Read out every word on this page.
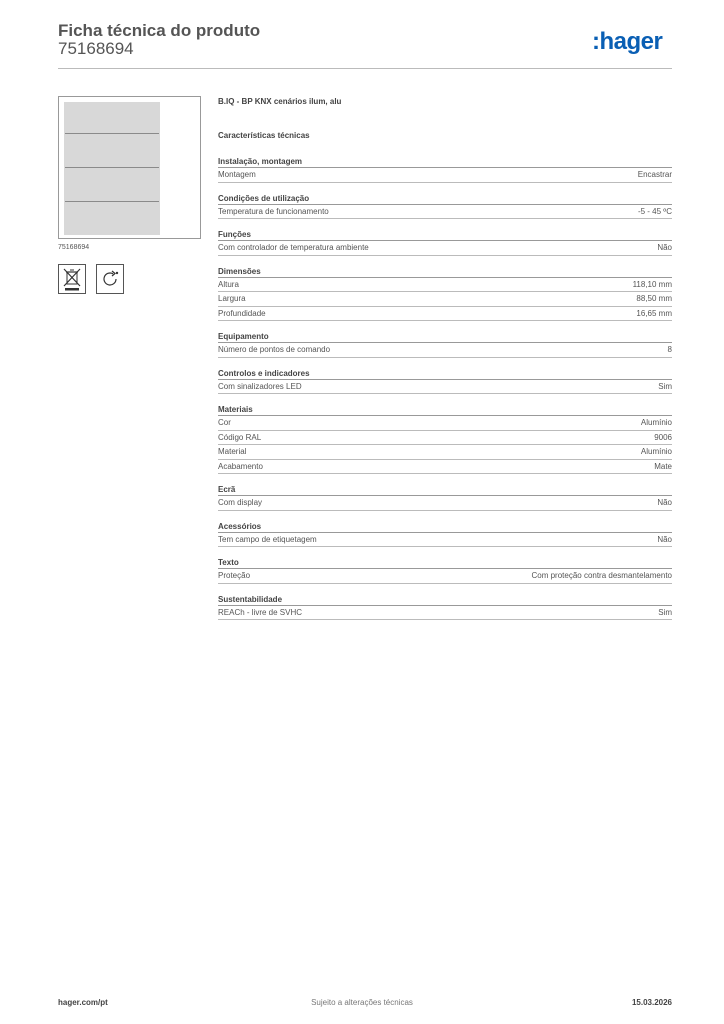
Ficha técnica do produto
75168694	:hager
75168694
B.IQ - BP KNX cenários ilum, alu
Características técnicas
Instalação, montagem
Montagem	Encastrar
Condições de utilização
Temperatura de funcionamento	-5 - 45 ºC
Funções
Com controlador de temperatura ambiente	Não
Dimensões
Altura	118,10 mm
Largura	88,50 mm
Profundidade	16,65 mm
Equipamento
Número de pontos de comando	8
Controlos e indicadores
Com sinalizadores LED	Sim
Materiais
Cor	Alumínio
Código RAL	9006
Material	Alumínio
Acabamento	Mate
Ecrã
Com display	Não
Acessórios
Tem campo de etiquetagem	Não
Texto
Proteção	Com proteção contra desmantelamento
Sustentabilidade
REACh - livre de SVHC	Sim
hager.com/pt	Sujeito a alterações técnicas	15.03.2026
